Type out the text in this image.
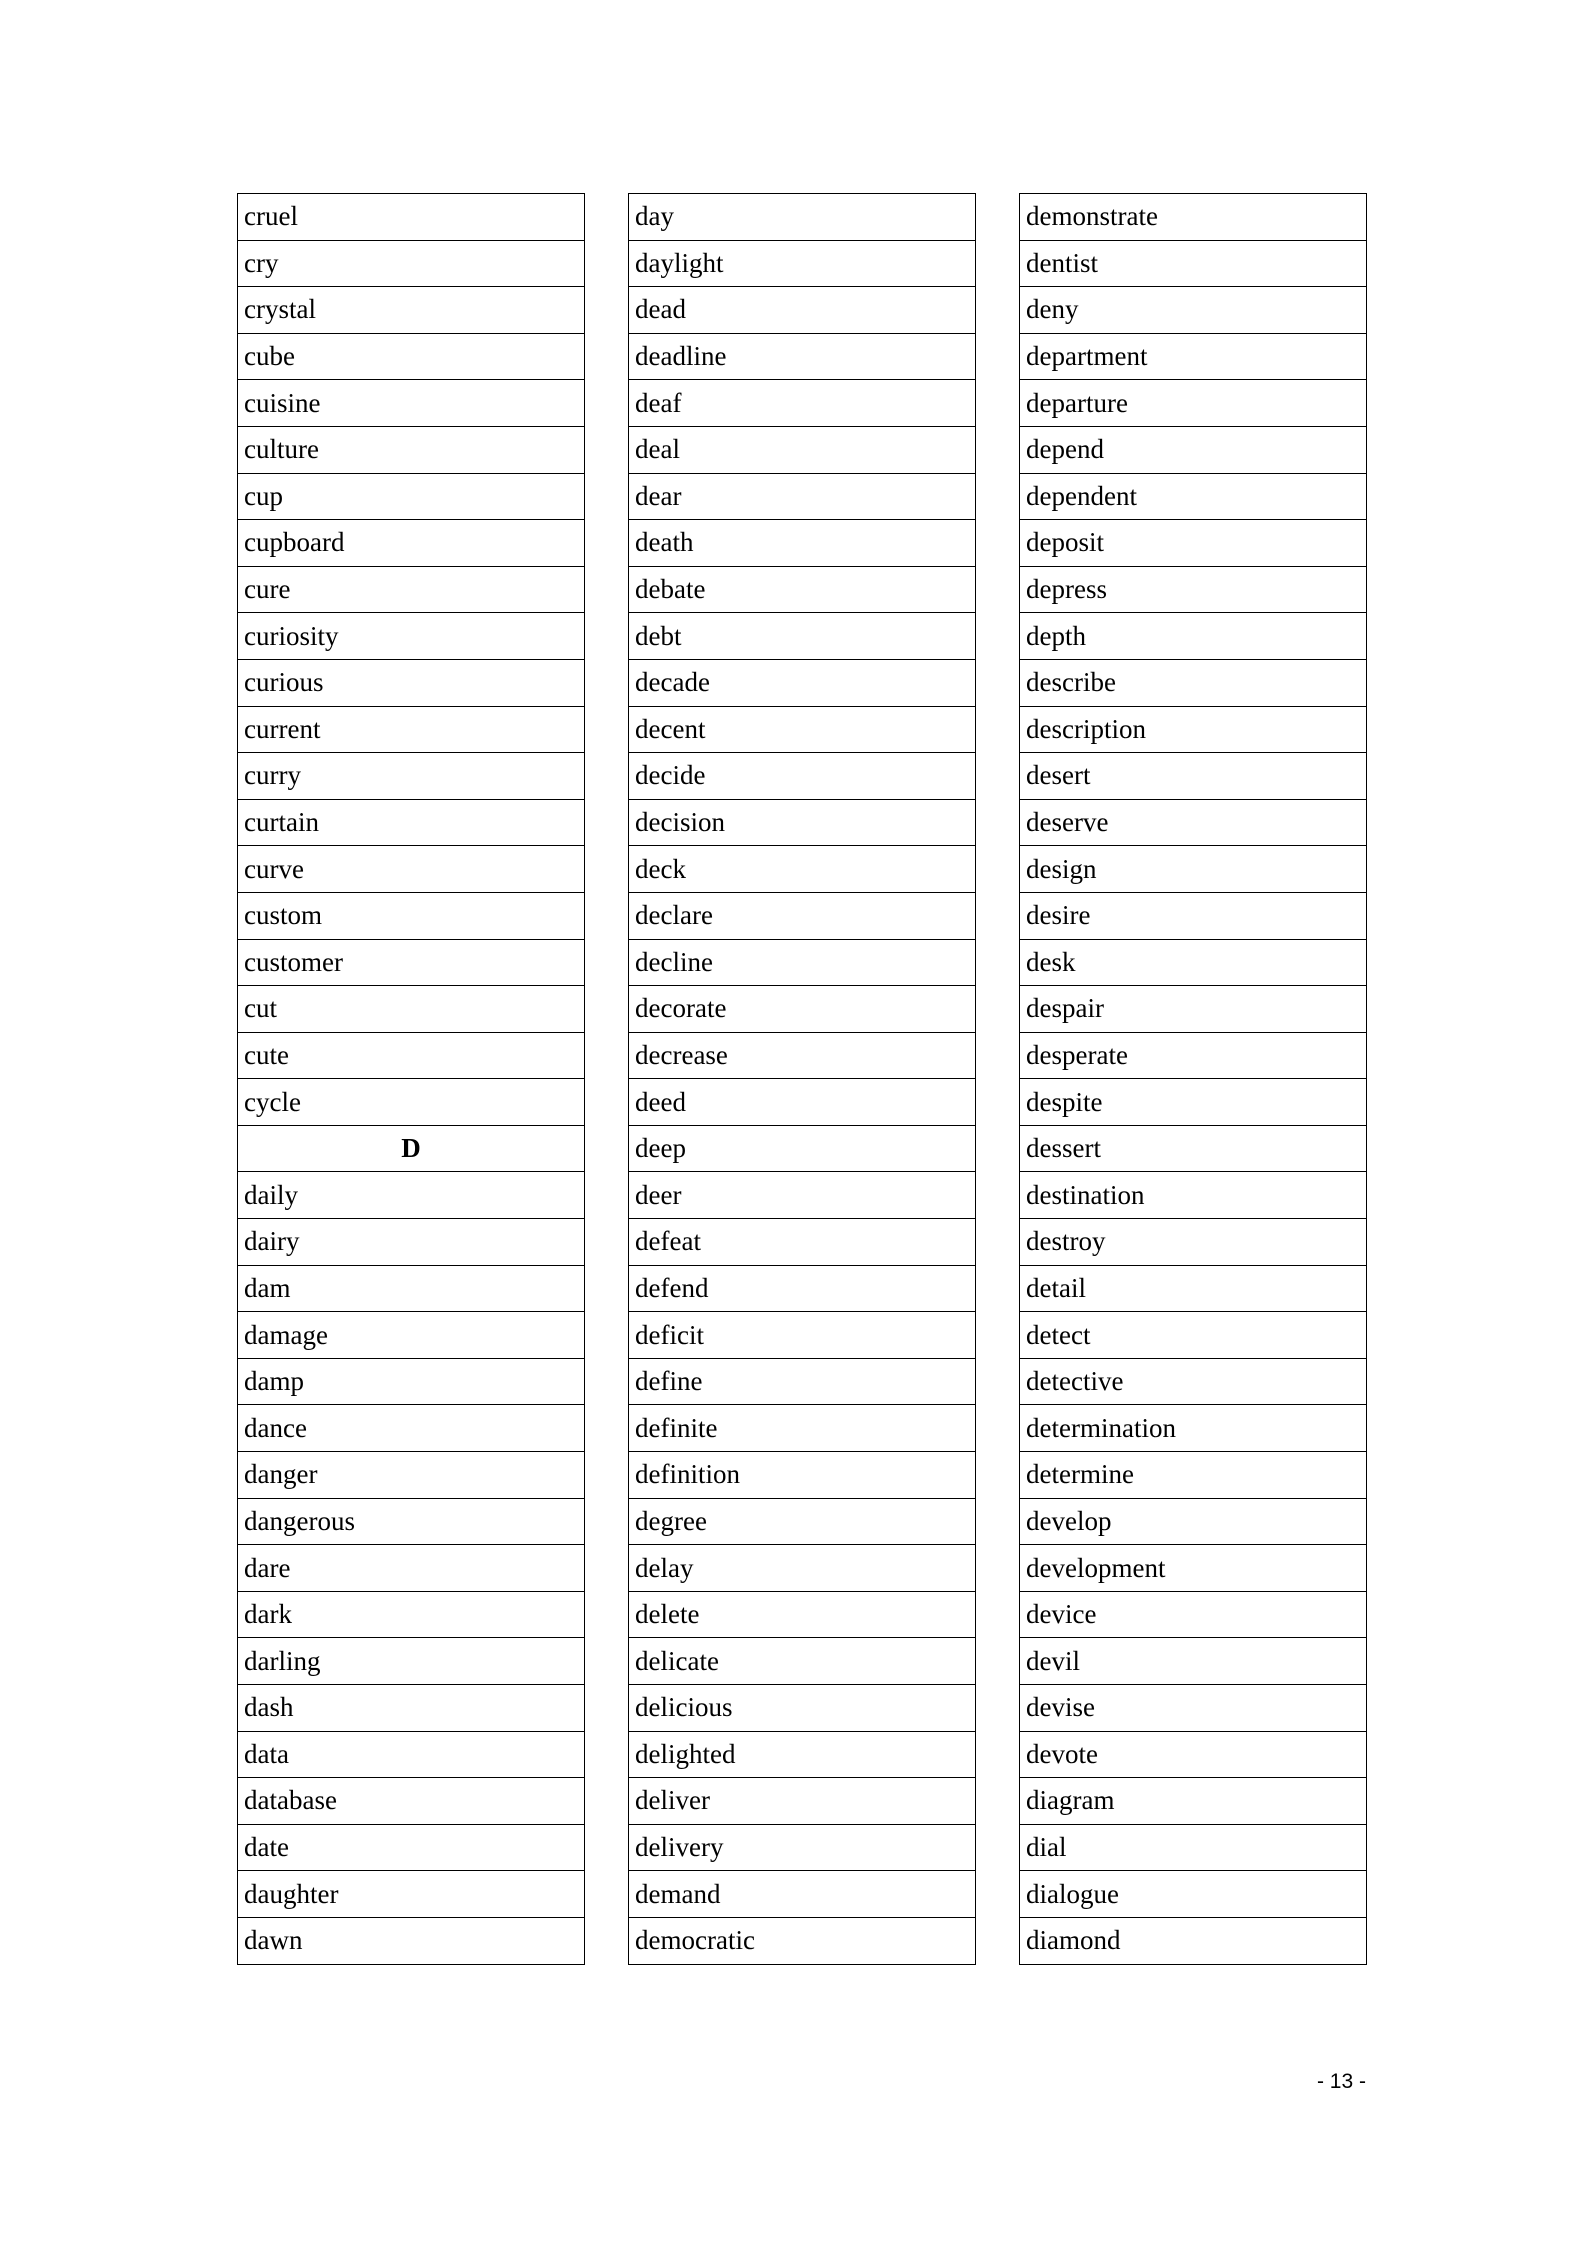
cruel
cry
crystal
cube
cuisine
culture
cup
cupboard
cure
curiosity
curious
current
curry
curtain
curve
custom
customer
cut
cute
cycle
D
daily
dairy
dam
damage
damp
dance
danger
dangerous
dare
dark
darling
dash
data
database
date
daughter
dawn
day
daylight
dead
deadline
deaf
deal
dear
death
debate
debt
decade
decent
decide
decision
deck
declare
decline
decorate
decrease
deed
deep
deer
defeat
defend
deficit
define
definite
definition
degree
delay
delete
delicate
delicious
delighted
deliver
delivery
demand
democratic
demonstrate
dentist
deny
department
departure
depend
dependent
deposit
depress
depth
describe
description
desert
deserve
design
desire
desk
despair
desperate
despite
dessert
destination
destroy
detail
detect
detective
determination
determine
develop
development
device
devil
devise
devote
diagram
dial
dialogue
diamond
- 13 -
